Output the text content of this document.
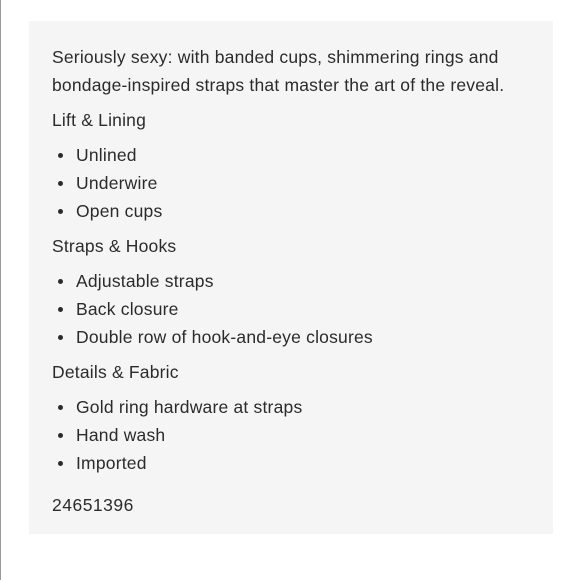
Seriously sexy: with banded cups, shimmering rings and bondage-inspired straps that master the art of the reveal.

Lift & Lining
Unlined
Underwire
Open cups
Straps & Hooks
Adjustable straps
Back closure
Double row of hook-and-eye closures
Details & Fabric
Gold ring hardware at straps
Hand wash
Imported
24651396
